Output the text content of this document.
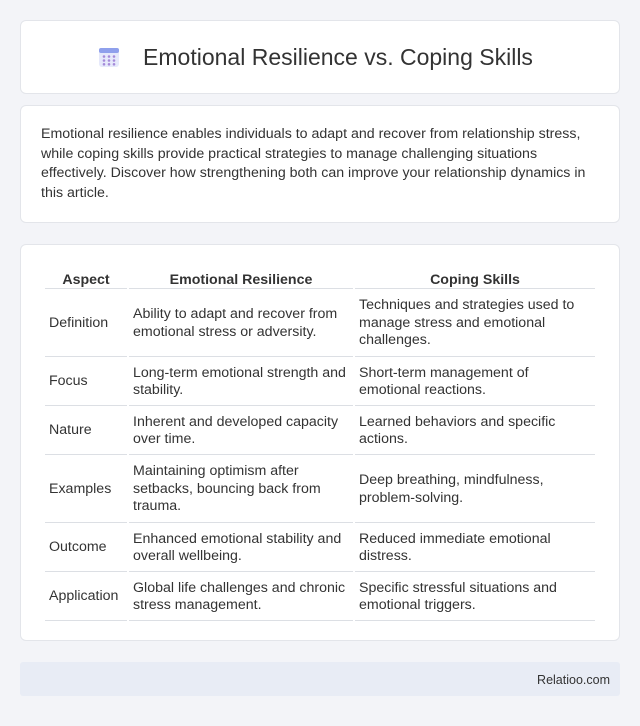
Emotional Resilience vs. Coping Skills

Emotional resilience enables individuals to adapt and recover from relationship stress, while coping skills provide practical strategies to manage challenging situations effectively. Discover how strengthening both can improve your relationship dynamics in this article.

Aspect	Emotional Resilience	Coping Skills
Definition	Ability to adapt and recover from emotional stress or adversity.	Techniques and strategies used to manage stress and emotional challenges.
Focus	Long-term emotional strength and stability.	Short-term management of emotional reactions.
Nature	Inherent and developed capacity over time.	Learned behaviors and specific actions.
Examples	Maintaining optimism after setbacks, bouncing back from trauma.	Deep breathing, mindfulness, problem-solving.
Outcome	Enhanced emotional stability and overall wellbeing.	Reduced immediate emotional distress.
Application	Global life challenges and chronic stress management.	Specific stressful situations and emotional triggers.
Relatioo.com
